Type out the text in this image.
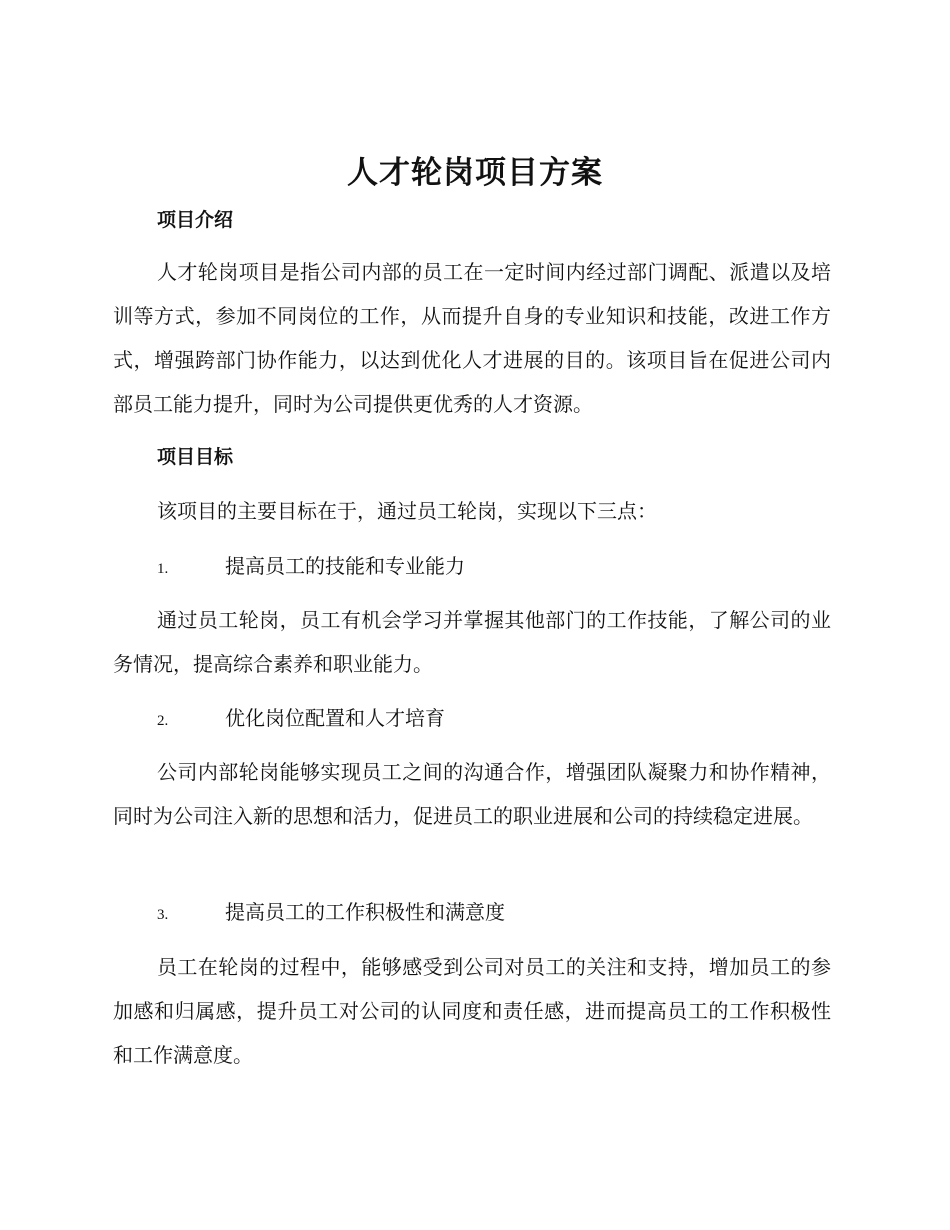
人才轮岗项目方案
项目介绍

人才轮岗项目是指公司内部的员工在一定时间内经过部门调配、派遣以及培训等方式，参加不同岗位的工作，从而提升自身的专业知识和技能，改进工作方式，增强跨部门协作能力，以达到优化人才进展的目的。该项目旨在促进公司内部员工能力提升，同时为公司提供更优秀的人才资源。

项目目标

该项目的主要目标在于，通过员工轮岗，实现以下三点：

1.	提高员工的技能和专业能力

通过员工轮岗，员工有机会学习并掌握其他部门的工作技能，了解公司的业务情况，提高综合素养和职业能力。

2.	优化岗位配置和人才培育

公司内部轮岗能够实现员工之间的沟通合作，增强团队凝聚力和协作精神，同时为公司注入新的思想和活力，促进员工的职业进展和公司的持续稳定进展。

3.	提高员工的工作积极性和满意度

员工在轮岗的过程中，能够感受到公司对员工的关注和支持，增加员工的参加感和归属感，提升员工对公司的认同度和责任感，进而提高员工的工作积极性和工作满意度。
